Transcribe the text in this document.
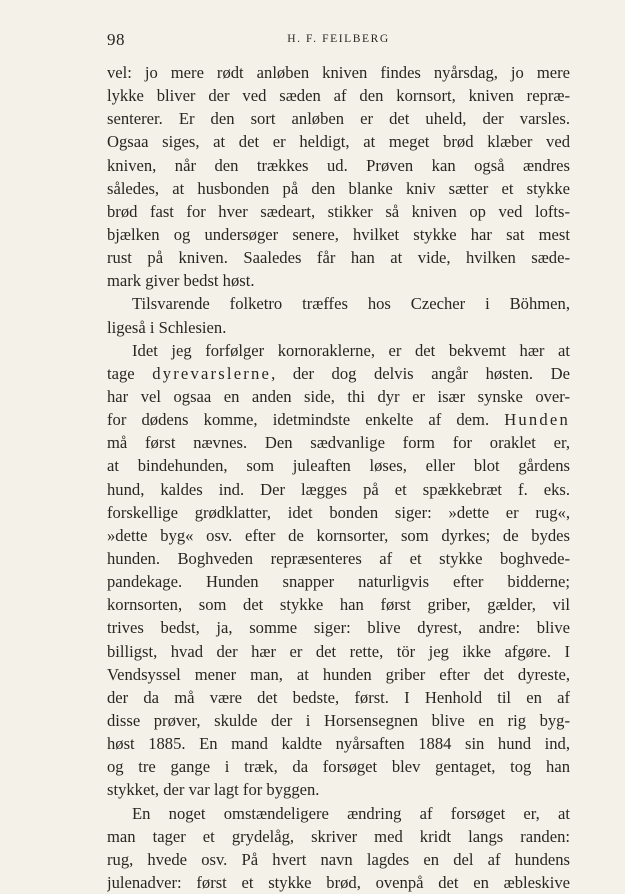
98	H. F. FEILBERG
vel: jo mere rødt anløben kniven findes nyårsdag, jo mere
lykke bliver der ved sæden af den kornsort, kniven repræ-
senterer. Er den sort anløben er det uheld, der varsles.
Ogsaa siges, at det er heldigt, at meget brød klæber ved
kniven, når den trækkes ud. Prøven kan også ændres
således, at husbonden på den blanke kniv sætter et stykke
brød fast for hver sædeart, stikker så kniven op ved lofts-
bjælken og undersøger senere, hvilket stykke har sat mest
rust på kniven. Saaledes får han at vide, hvilken sæde-
mark giver bedst høst.
Tilsvarende folketro træffes hos Czecher i Böhmen,
ligeså i Schlesien.
Idet jeg forfølger kornoraklerne, er det bekvemt hær at
tage dyrevarslerne, der dog delvis angår høsten. De
har vel ogsaa en anden side, thi dyr er især synske over-
for dødens komme, idetmindste enkelte af dem. Hunden
må først nævnes. Den sædvanlige form for oraklet er,
at bindehunden, som juleaften løses, eller blot gårdens
hund, kaldes ind. Der lægges på et spækkebræt f. eks.
forskellige grødklatter, idet bonden siger: »dette er rug«,
»dette byg« osv. efter de kornsorter, som dyrkes; de bydes
hunden. Boghveden repræsenteres af et stykke boghvede-
pandekage. Hunden snapper naturligvis efter bidderne;
kornsorten, som det stykke han først griber, gælder, vil
trives bedst, ja, somme siger: blive dyrest, andre: blive
billigst, hvad der hær er det rette, tör jeg ikke afgøre. I
Vendsyssel mener man, at hunden griber efter det dyreste,
der da må være det bedste, først. I Henhold til en af
disse prøver, skulde der i Horsensegnen blive en rig byg-
høst 1885. En mand kaldte nyårsaften 1884 sin hund ind,
og tre gange i træk, da forsøget blev gentaget, tog han
stykket, der var lagt for byggen.
En noget omstændeligere ændring af forsøget er, at
man tager et grydelåg, skriver med kridt langs randen:
rug, hvede osv. På hvert navn lagdes en del af hundens
julenadver: først et stykke brød, ovenpå det en æbleskive
